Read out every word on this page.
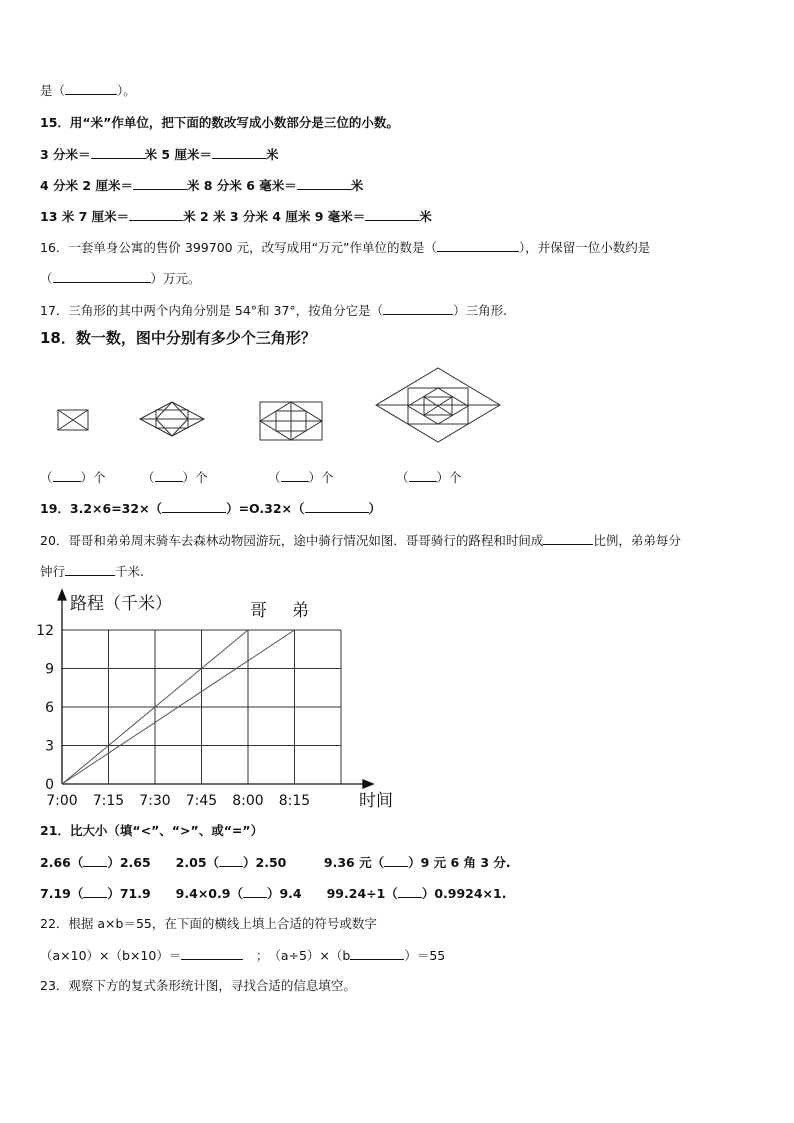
是（	）。
15．用“米”作单位，把下面的数改写成小数部分是三位的小数。
3 分米＝	米 5 厘米＝	米
4 分米 2 厘米＝	米 8 分米 6 毫米＝	米
13 米 7 厘米＝	米 2 米 3 分米 4 厘米 9 毫米＝	米
16．一套单身公寓的售价 399700 元，改写成用“万元”作单位的数是（	），并保留一位小数约是
（	）万元。
17．三角形的其中两个内角分别是 54°和 37°，按角分它是（	）三角形.
（ ）个	（ ）个	（ ）个	（ ）个
19．3.2×6=32×（	）=O.32×（	）
20．哥哥和弟弟周末骑车去森林动物园游玩，途中骑行情况如图．哥哥骑行的路程和时间成	比例，弟弟每分
钟行	千米.
21．比大小（填“<”、“>”、或“=”）
2.66（ ）2.65　　2.05（ ）2.50　　　9.36 元（ ）9 元 6 角 3 分.
7.19（ ）71.9　　9.4×0.9（ ）9.4　　99.24÷1（ ）0.9924×1.
22．根据 a×b＝55，在下面的横线上填上合适的符号或数字
（a×10）×（b×10）＝	　；　（a÷5）×（b	）＝55
23．观察下方的复式条形统计图，寻找合适的信息填空。
18．数一数，图中分别有多少个三角形？
0
3
6
9
12
7:00 7:15 7:30 7:45 8:00 8:15
路程（千米）
时间
哥 弟
